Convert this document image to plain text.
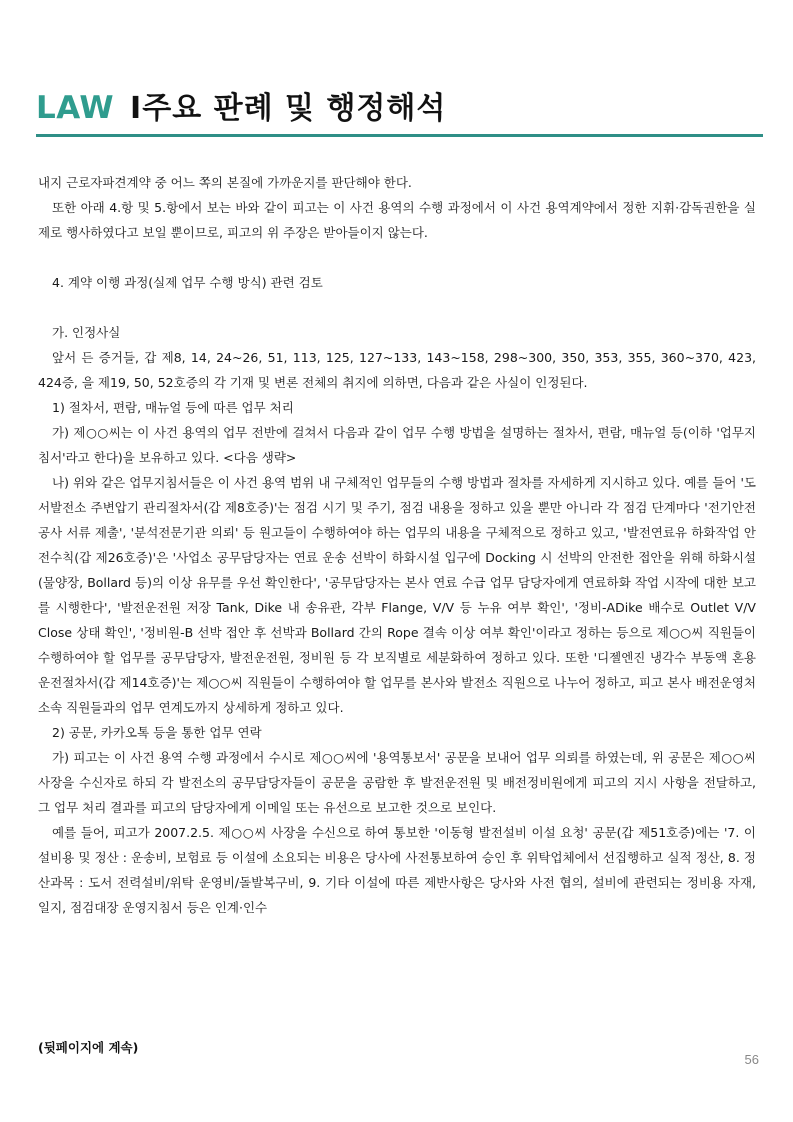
LAW Ⅰ주요 판례 및 행정해석

내지 근로자파견계약 중 어느 쪽의 본질에 가까운지를 판단해야 한다.

또한 아래 4.항 및 5.항에서 보는 바와 같이 피고는 이 사건 용역의 수행 과정에서 이 사건 용역계약에서 정한 지휘·감독권한을 실제로 행사하였다고 보일 뿐이므로, 피고의 위 주장은 받아들이지 않는다.

4. 계약 이행 과정(실제 업무 수행 방식) 관련 검토

가. 인정사실

앞서 든 증거들, 갑 제8, 14, 24~26, 51, 113, 125, 127~133, 143~158, 298~300, 350, 353, 355, 360~370, 423, 424증, 을 제19, 50, 52호증의 각 기재 및 변론 전체의 취지에 의하면, 다음과 같은 사실이 인정된다.

1) 절차서, 편람, 매뉴얼 등에 따른 업무 처리

가) 제○○씨는 이 사건 용역의 업무 전반에 걸쳐서 다음과 같이 업무 수행 방법을 설명하는 절차서, 편람, 매뉴얼 등(이하 '업무지침서'라고 한다)을 보유하고 있다. <다음 생략>

나) 위와 같은 업무지침서들은 이 사건 용역 범위 내 구체적인 업무들의 수행 방법과 절차를 자세하게 지시하고 있다. 예를 들어 '도서발전소 주변압기 관리절차서(갑 제8호증)'는 점검 시기 및 주기, 점검 내용을 정하고 있을 뿐만 아니라 각 점검 단계마다 '전기안전공사 서류 제출', '분석전문기관 의뢰' 등 원고들이 수행하여야 하는 업무의 내용을 구체적으로 정하고 있고, '발전연료유 하화작업 안전수칙(갑 제26호증)'은 '사업소 공무담당자는 연료 운송 선박이 하화시설 입구에 Docking 시 선박의 안전한 접안을 위해 하화시설(물양장, Bollard 등)의 이상 유무를 우선 확인한다', '공무담당자는 본사 연료 수급 업무 담당자에게 연료하화 작업 시작에 대한 보고를 시행한다', '발전운전원 저장 Tank, Dike 내 송유관, 각부 Flange, V/V 등 누유 여부 확인', '정비-ADike 배수로 Outlet V/V Close 상태 확인', '정비원-B 선박 접안 후 선박과 Bollard 간의 Rope 결속 이상 여부 확인'이라고 정하는 등으로 제○○씨 직원들이 수행하여야 할 업무를 공무담당자, 발전운전원, 정비원 등 각 보직별로 세분화하여 정하고 있다. 또한 '디젤엔진 냉각수 부동액 혼용 운전절차서(갑 제14호증)'는 제○○씨 직원들이 수행하여야 할 업무를 본사와 발전소 직원으로 나누어 정하고, 피고 본사 배전운영처 소속 직원들과의 업무 연계도까지 상세하게 정하고 있다.

2) 공문, 카카오톡 등을 통한 업무 연락

가) 피고는 이 사건 용역 수행 과정에서 수시로 제○○씨에 '용역통보서' 공문을 보내어 업무 의뢰를 하였는데, 위 공문은 제○○씨 사장을 수신자로 하되 각 발전소의 공무담당자들이 공문을 공람한 후 발전운전원 및 배전정비원에게 피고의 지시 사항을 전달하고, 그 업무 처리 결과를 피고의 담당자에게 이메일 또는 유선으로 보고한 것으로 보인다.

예를 들어, 피고가 2007.2.5. 제○○씨 사장을 수신으로 하여 통보한 '이동형 발전설비 이설 요청' 공문(갑 제51호증)에는 '7. 이설비용 및 정산 : 운송비, 보험료 등 이설에 소요되는 비용은 당사에 사전통보하여 승인 후 위탁업체에서 선집행하고 실적 정산, 8. 정산과목 : 도서 전력설비/위탁 운영비/돌발복구비, 9. 기타 이설에 따른 제반사항은 당사와 사전 협의, 설비에 관련되는 정비용 자재, 일지, 점검대장 운영지침서 등은 인계·인수

(뒷페이지에 계속)
56
